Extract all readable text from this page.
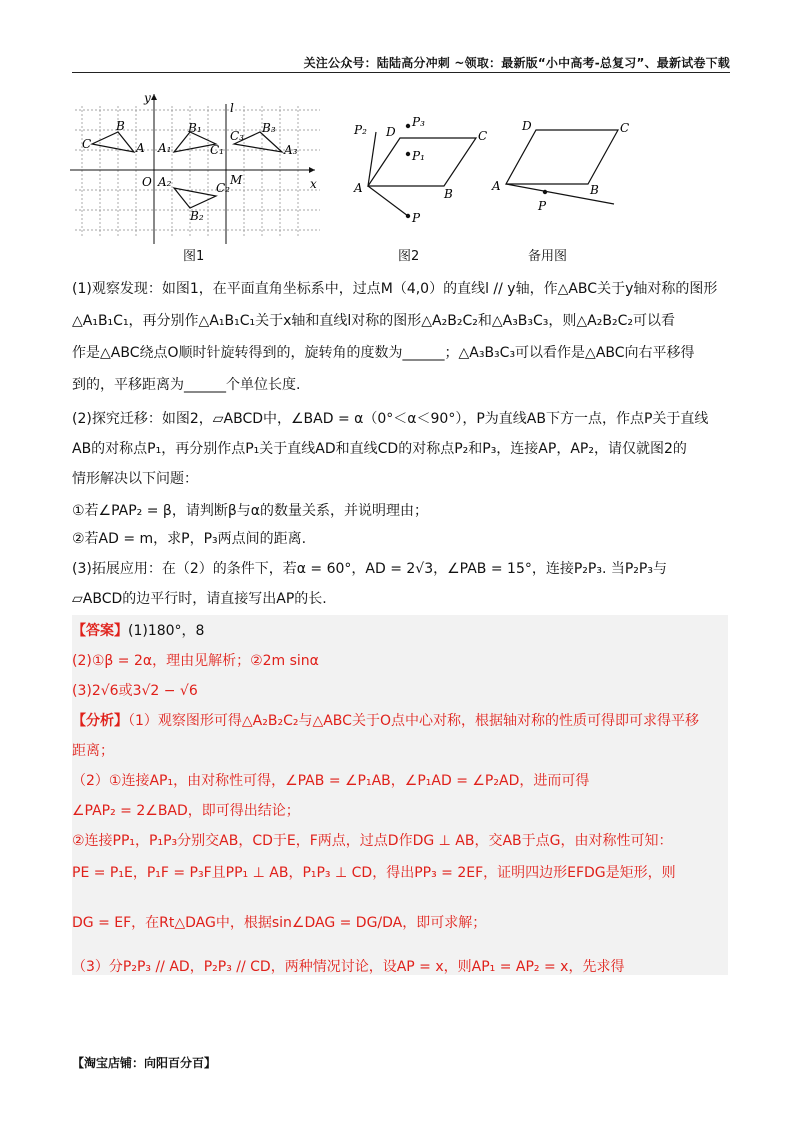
关注公众号：陆陆高分冲刺 ~领取：最新版“小中高考-总复习”、最新试卷下载
C
B
A A₁
B₁
C₁
C₃
B₃
A₃
A₂	C₂
B₂
O	M	x
y
l
图1
P₃
P₂ D	C
P₁
A	B
P
图2
D	C
A	B
P
备用图
(1)观察发现：如图1，在平面直角坐标系中，过点M（4,0）的直线l // y轴，作△ABC关于y轴对称的图形
△A₁B₁C₁，再分别作△A₁B₁C₁关于x轴和直线l对称的图形△A₂B₂C₂和△A₃B₃C₃，则△A₂B₂C₂可以看
作是△ABC绕点O顺时针旋转得到的，旋转角的度数为______；△A₃B₃C₃可以看作是△ABC向右平移得
到的，平移距离为______个单位长度.
(2)探究迁移：如图2，▱ABCD中，∠BAD = α（0°＜α＜90°），P为直线AB下方一点，作点P关于直线
AB的对称点P₁，再分别作点P₁关于直线AD和直线CD的对称点P₂和P₃，连接AP，AP₂，请仅就图2的
情形解决以下问题：
①若∠PAP₂ = β，请判断β与α的数量关系，并说明理由；
②若AD = m，求P，P₃两点间的距离.
(3)拓展应用：在（2）的条件下，若α = 60°，AD = 2√3，∠PAB = 15°，连接P₂P₃. 当P₂P₃与
▱ABCD的边平行时，请直接写出AP的长.
【答案】(1)180°，8
(2)①β = 2α，理由见解析；②2m sinα
(3)2√6或3√2 − √6
【分析】（1）观察图形可得△A₂B₂C₂与△ABC关于O点中心对称，根据轴对称的性质可得即可求得平移
距离；
（2）①连接AP₁，由对称性可得，∠PAB = ∠P₁AB，∠P₁AD = ∠P₂AD，进而可得
∠PAP₂ = 2∠BAD，即可得出结论；
②连接PP₁，P₁P₃分别交AB，CD于E，F两点，过点D作DG ⊥ AB，交AB于点G，由对称性可知：
PE = P₁E，P₁F = P₃F且PP₁ ⊥ AB，P₁P₃ ⊥ CD，得出PP₃ = 2EF，证明四边形EFDG是矩形，则
DG = EF，在Rt△DAG中，根据sin∠DAG = DG/DA，即可求解；
（3）分P₂P₃ // AD，P₂P₃ // CD，两种情况讨论，设AP = x，则AP₁ = AP₂ = x，先求得
【淘宝店铺：向阳百分百】
